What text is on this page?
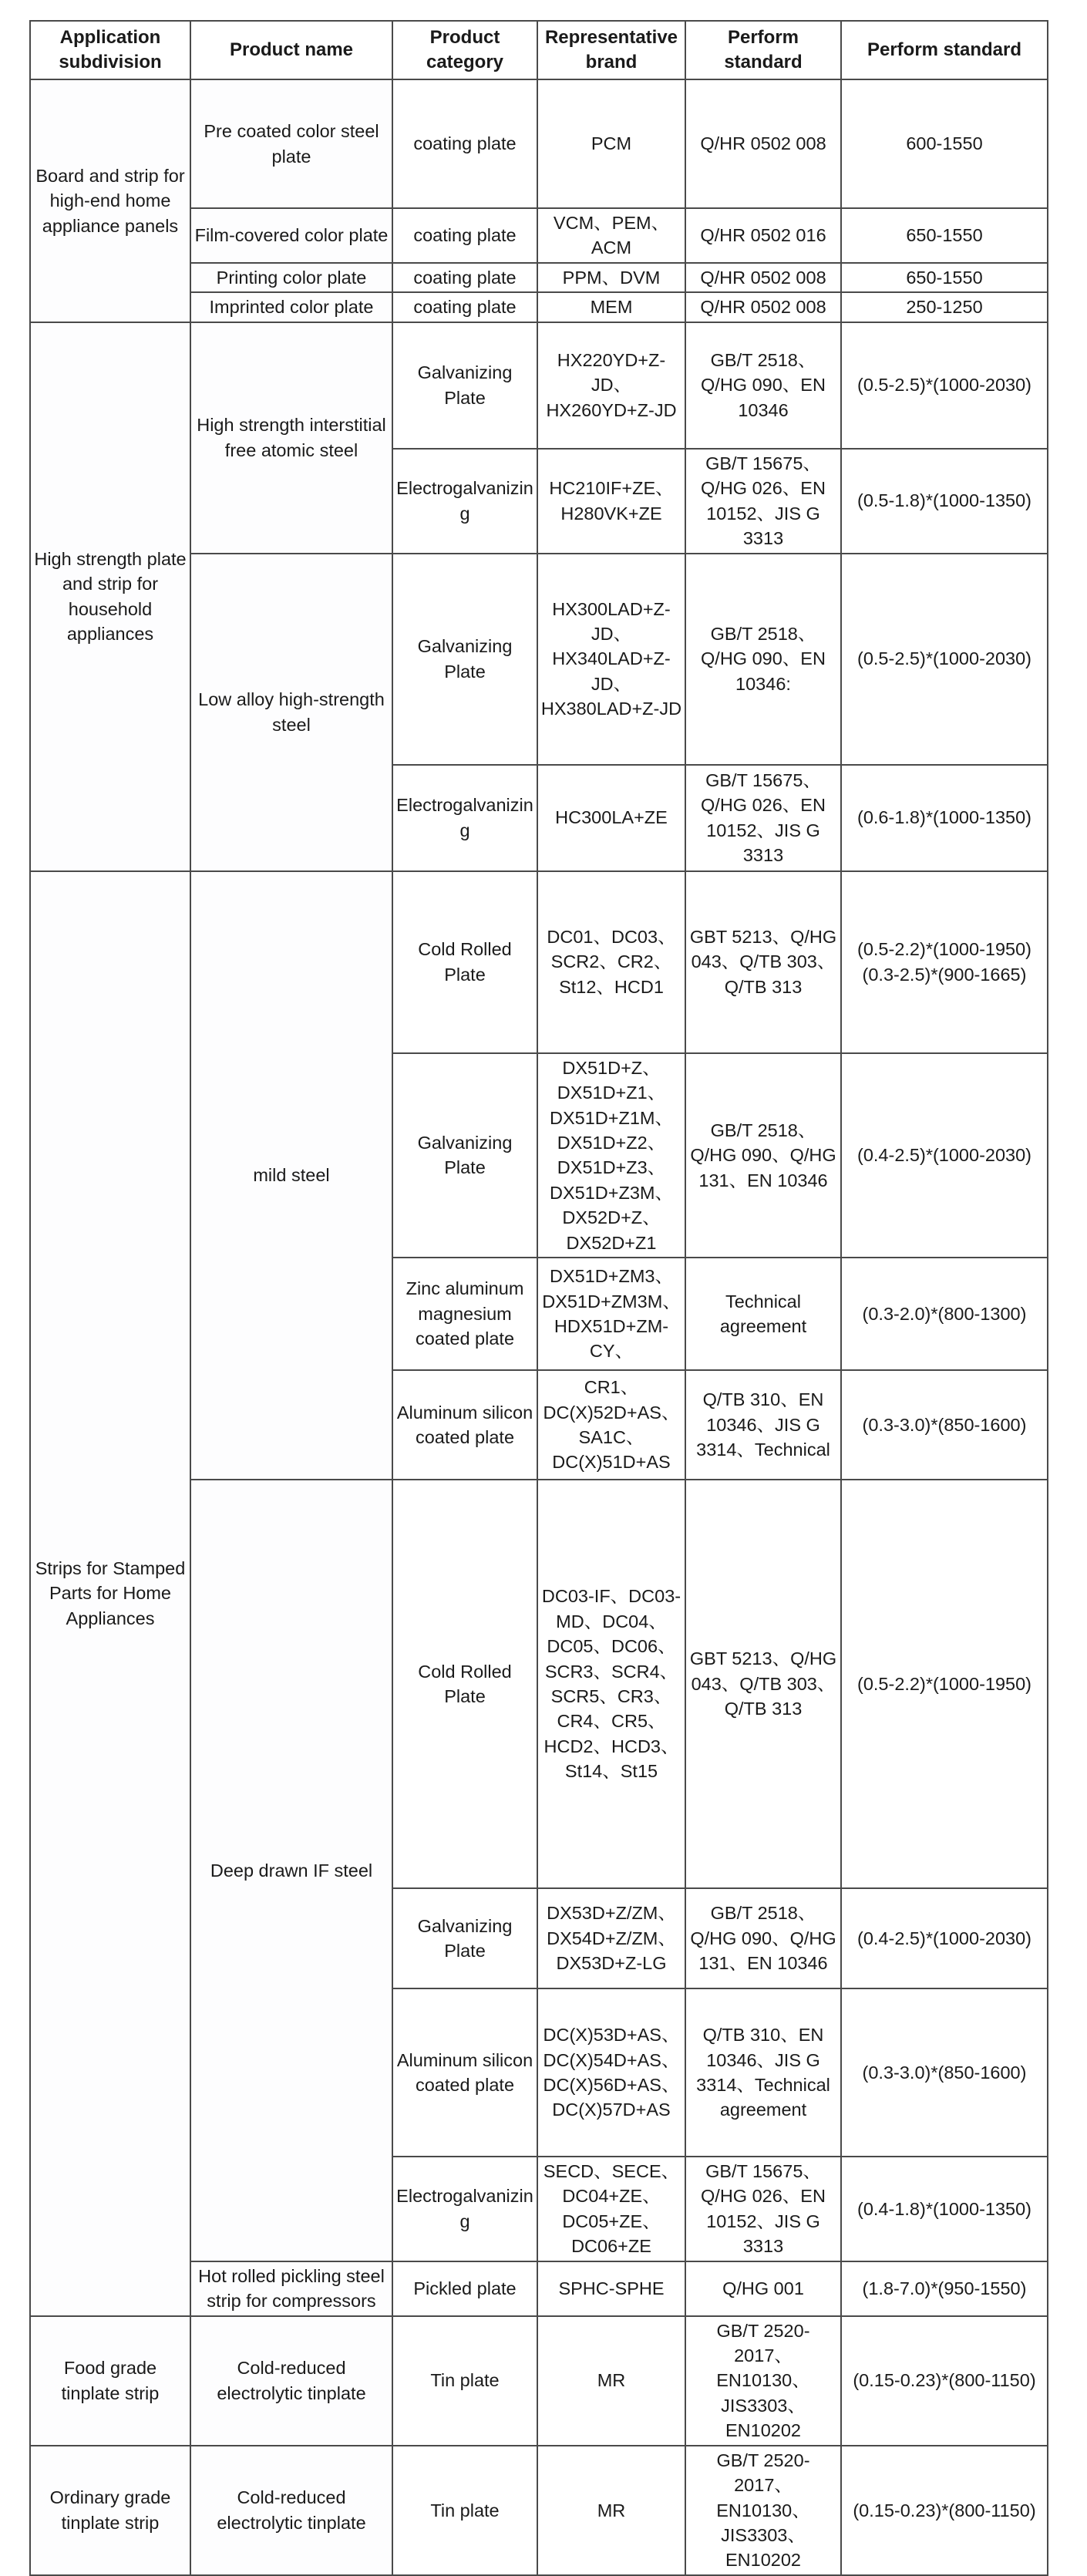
Application subdivision	Product name	Product category	Representative brand	Perform standard	Perform standard
Board and strip for high-end home appliance panels	Pre coated color steel plate	coating plate	PCM	Q/HR 0502 008	600-1550
	Film-covered color plate	coating plate	VCM、PEM、ACM	Q/HR 0502 016	650-1550
	Printing color plate	coating plate	PPM、DVM	Q/HR 0502 008	650-1550
	Imprinted color plate	coating plate	MEM	Q/HR 0502 008	250-1250
High strength plate and strip for household appliances	High strength interstitial free atomic steel	Galvanizing Plate	HX220YD+Z-JD、HX260YD+Z-JD	GB/T 2518、Q/HG 090、EN 10346	(0.5-2.5)*(1000-2030)
		Electrogalvanizing	HC210IF+ZE、H280VK+ZE	GB/T 15675、Q/HG 026、EN 10152、JIS G 3313	(0.5-1.8)*(1000-1350)
	Low alloy high-strength steel	Galvanizing Plate	HX300LAD+Z-JD、HX340LAD+Z-JD、HX380LAD+Z-JD	GB/T 2518、Q/HG 090、EN 10346:	(0.5-2.5)*(1000-2030)
		Electrogalvanizing	HC300LA+ZE	GB/T 15675、Q/HG 026、EN 10152、JIS G 3313	(0.6-1.8)*(1000-1350)
Strips for Stamped Parts for Home Appliances	mild steel	Cold Rolled Plate	DC01、DC03、SCR2、CR2、St12、HCD1	GBT 5213、Q/HG 043、Q/TB 303、Q/TB 313	(0.5-2.2)*(1000-1950) (0.3-2.5)*(900-1665)
		Galvanizing Plate	DX51D+Z、DX51D+Z1、DX51D+Z1M、DX51D+Z2、DX51D+Z3、DX51D+Z3M、DX52D+Z、DX52D+Z1	GB/T 2518、Q/HG 090、Q/HG 131、EN 10346	(0.4-2.5)*(1000-2030)
		Zinc aluminum magnesium coated plate	DX51D+ZM3、DX51D+ZM3M、HDX51D+ZM-CY、	Technical agreement	(0.3-2.0)*(800-1300)
		Aluminum silicon coated plate	CR1、DC(X)52D+AS、SA1C、DC(X)51D+AS	Q/TB 310、EN 10346、JIS G 3314、Technical	(0.3-3.0)*(850-1600)
	Deep drawn IF steel	Cold Rolled Plate	DC03-IF、DC03-MD、DC04、DC05、DC06、SCR3、SCR4、SCR5、CR3、CR4、CR5、HCD2、HCD3、St14、St15	GBT 5213、Q/HG 043、Q/TB 303、Q/TB 313	(0.5-2.2)*(1000-1950)
		Galvanizing Plate	DX53D+Z/ZM、DX54D+Z/ZM、DX53D+Z-LG	GB/T 2518、Q/HG 090、Q/HG 131、EN 10346	(0.4-2.5)*(1000-2030)
		Aluminum silicon coated plate	DC(X)53D+AS、DC(X)54D+AS、DC(X)56D+AS、DC(X)57D+AS	Q/TB 310、EN 10346、JIS G 3314、Technical agreement	(0.3-3.0)*(850-1600)
		Electrogalvanizing	SECD、SECE、DC04+ZE、DC05+ZE、DC06+ZE	GB/T 15675、Q/HG 026、EN 10152、JIS G 3313	(0.4-1.8)*(1000-1350)
	Hot rolled pickling steel strip for compressors	Pickled plate	SPHC-SPHE	Q/HG 001	(1.8-7.0)*(950-1550)
Food grade tinplate strip	Cold-reduced electrolytic tinplate	Tin plate	MR	GB/T 2520-2017、EN10130、JIS3303、EN10202	(0.15-0.23)*(800-1150)
Ordinary grade tinplate strip	Cold-reduced electrolytic tinplate	Tin plate	MR	GB/T 2520-2017、EN10130、JIS3303、EN10202	(0.15-0.23)*(800-1150)
